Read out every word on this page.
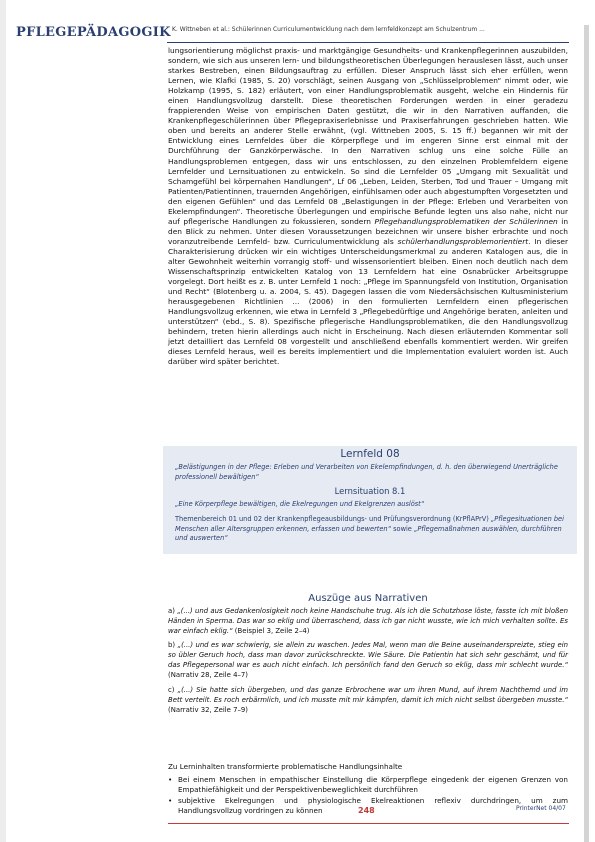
PFLEGEPÄDAGOGIK K. Wittneben et al.: Schülerinnen Curriculumentwicklung nach dem lernfeldkonzept am Schulzentrum ...

lungsorientierung möglichst praxis- und marktgängige Gesundheits- und Krankenpflegerinnen auszubilden, sondern, wie sich aus unseren lern- und bildungstheoretischen Überlegungen herauslesen lässt, auch unser starkes Bestreben, einen Bildungsauftrag zu erfüllen. Dieser Anspruch lässt sich eher erfüllen, wenn Lernen, wie Klafki (1985, S. 20) vorschlägt, seinen Ausgang von „Schlüsselproblemen“ nimmt oder, wie Holzkamp (1995, S. 182) erläutert, von einer Handlungsproblematik ausgeht, welche ein Hindernis für einen Handlungsvollzug darstellt. Diese theoretischen Forderungen werden in einer geradezu frappierenden Weise von empirischen Daten gestützt, die wir in den Narrativen auffanden, die Krankenpflegeschülerinnen über Pflegepraxiserlebnisse und Praxiserfahrungen geschrieben hatten. Wie oben und bereits an anderer Stelle erwähnt, (vgl. Wittneben 2005, S. 15 ff.) begannen wir mit der Entwicklung eines Lernfeldes über die Körperpflege und im engeren Sinne erst einmal mit der Durchführung der Ganzkörperwäsche. In den Narrativen schlug uns eine solche Fülle an Handlungsproblemen entgegen, dass wir uns entschlossen, zu den einzelnen Problemfeldern eigene Lernfelder und Lernsituationen zu entwickeln. So sind die Lernfelder 05 „Umgang mit Sexualität und Schamgefühl bei körpernahen Handlungen“, Lf 06 „Leben, Leiden, Sterben, Tod und Trauer – Umgang mit Patienten/Patientinnen, trauernden Angehörigen, einfühlsamen oder auch abgestumpften Vorgesetzten und den eigenen Gefühlen“ und das Lernfeld 08 „Belastigungen in der Pflege: Erleben und Verarbeiten von Ekelempfindungen“. Theoretische Überlegungen und empirische Befunde legten uns also nahe, nicht nur auf pflegerische Handlungen zu fokussieren, sondern Pflegehandlungsproblematiken der Schülerinnen in den Blick zu nehmen. Unter diesen Voraussetzungen bezeichnen wir unsere bisher erbrachte und noch voranzutreibende Lernfeld- bzw. Curriculumentwicklung als schülerhandlungsproblemorientiert. In dieser Charakterisierung drücken wir ein wichtiges Unterscheidungsmerkmal zu anderen Katalogen aus, die in alter Gewohnheit weiterhin vorrangig stoff- und wissensorientiert bleiben. Einen noch deutlich nach dem Wissenschaftsprinzip entwickelten Katalog von 13 Lernfeldern hat eine Osnabrücker Arbeitsgruppe vorgelegt. Dort heißt es z. B. unter Lernfeld 1 noch: „Pflege im Spannungsfeld von Institution, Organisation und Recht“ (Blotenberg u. a. 2004, S. 45). Dagegen lassen die vom Niedersächsischen Kultusministerium herausgegebenen Richtlinien ... (2006) in den formulierten Lernfeldern einen pflegerischen Handlungsvollzug erkennen, wie etwa in Lernfeld 3 „Pflegebedürftige und Angehörige beraten, anleiten und unterstützen“ (ebd., S. 8). Spezifische pflegerische Handlungsproblematiken, die den Handlungsvollzug behindern, treten hierin allerdings auch nicht in Erscheinung. Nach diesen erläuternden Kommentar soll jetzt detailliert das Lernfeld 08 vorgestellt und anschließend ebenfalls kommentiert werden. Wir greifen dieses Lernfeld heraus, weil es bereits implementiert und die Implementation evaluiert worden ist. Auch darüber wird später berichtet.

Lernfeld 08
„Belästigungen in der Pflege: Erleben und Verarbeiten von Ekelempfindungen, d. h. den überwiegend Unerträgliche professionell bewältigen“
Lernsituation 8.1
„Eine Körperpflege bewältigen, die Ekelregungen und Ekelgrenzen auslöst“
Themenbereich 01 und 02 der Krankenpflegeausbildungs- und Prüfungsverordnung (KrPflAPrV) „Pflegesituationen bei Menschen aller Altersgruppen erkennen, erfassen und bewerten“ sowie „Pflegemaßnahmen auswählen, durchführen und auswerten“
Auszüge aus Narrativen
a) „(...) und aus Gedankenlosigkeit noch keine Handschuhe trug. Als ich die Schutzhose löste, fasste ich mit bloßen Händen in Sperma. Das war so eklig und überraschend, dass ich gar nicht wusste, wie ich mich verhalten sollte. Es war einfach eklig.“ (Beispiel 3, Zeile 2–4)
b) „(...) und es war schwierig, sie allein zu waschen. Jedes Mal, wenn man die Beine auseinanderspreizte, stieg ein so übler Geruch hoch, dass man davor zurückschreckte. Wie Säure. Die Patientin hat sich sehr geschämt, und für das Pflegepersonal war es auch nicht einfach. Ich persönlich fand den Geruch so eklig, dass mir schlecht wurde.“ (Narrativ 28, Zeile 4–7)
c) „(...) Sie hatte sich übergeben, und das ganze Erbrochene war um ihren Mund, auf ihrem Nachthemd und im Bett verteilt. Es roch erbärmlich, und ich musste mit mir kämpfen, damit ich mich nicht selbst übergeben musste.“ (Narrativ 32, Zeile 7–9)
Zu Lerninhalten transformierte problematische Handlungsinhalte
• Bei einem Menschen in empathischer Einstellung die Körperpflege eingedenk der eigenen Grenzen von Empathiefähigkeit und der Perspektivenbeweglichkeit durchführen
• subjektive Ekelregungen und physiologische Ekelreaktionen reflexiv durchdringen, um zum Handlungsvollzug vordringen zu können	248	PrInterNet 04/07
